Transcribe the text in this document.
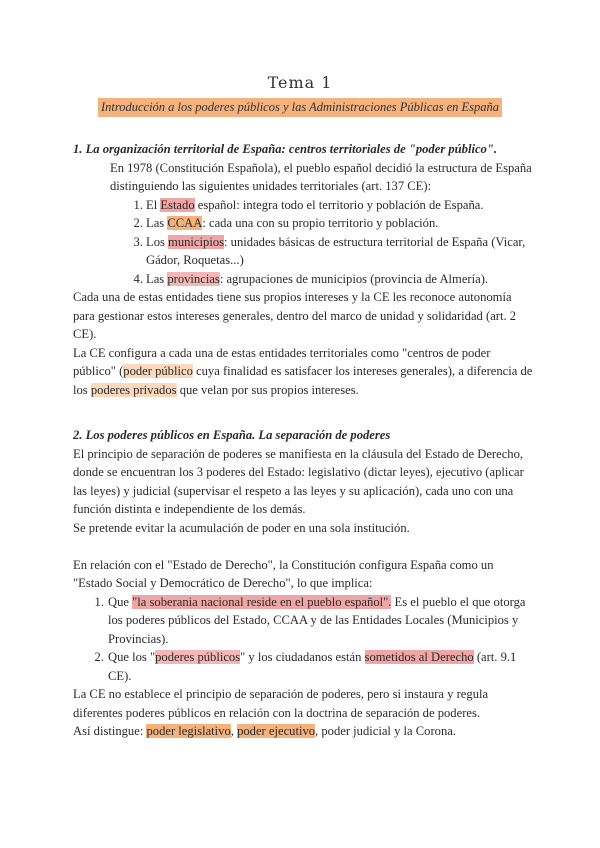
Tema 1
Introducción a los poderes públicos y las Administraciones Públicas en España
1. La organización territorial de España: centros territoriales de "poder público".

En 1978 (Constitución Española), el pueblo español decidió la estructura de España distinguiendo las siguientes unidades territoriales (art. 137 CE):

1. El Estado español: integra todo el territorio y población de España.
2. Las CCAA: cada una con su propio territorio y población.
3. Los municipios: unidades básicas de estructura territorial de España (Vicar, Gádor, Roquetas...)
4. Las provincias: agrupaciones de municipios (provincia de Almería).

Cada una de estas entidades tiene sus propios intereses y la CE les reconoce autonomía para gestionar estos intereses generales, dentro del marco de unidad y solidaridad (art. 2 CE).

La CE configura a cada una de estas entidades territoriales como "centros de poder público" (poder público cuya finalidad es satisfacer los intereses generales), a diferencia de los poderes privados que velan por sus propios intereses.

2. Los poderes públicos en España. La separación de poderes

El principio de separación de poderes se manifiesta en la cláusula del Estado de Derecho, donde se encuentran los 3 poderes del Estado: legislativo (dictar leyes), ejecutivo (aplicar las leyes) y judicial (supervisar el respeto a las leyes y su aplicación), cada uno con una función distinta e independiente de los demás.

Se pretende evitar la acumulación de poder en una sola institución.

En relación con el "Estado de Derecho", la Constitución configura España como un "Estado Social y Democrático de Derecho", lo que implica:

1. Que "la soberania nacional reside en el pueblo español". Es el pueblo el que otorga los poderes públicos del Estado, CCAA y de las Entidades Locales (Municipios y Provincias).
2. Que los "poderes públicos" y los ciudadanos están sometidos al Derecho (art. 9.1 CE).

La CE no establece el principio de separación de poderes, pero si instaura y regula diferentes poderes públicos en relación con la doctrina de separación de poderes.

Así distingue: poder legislativo, poder ejecutivo, poder judicial y la Corona.
